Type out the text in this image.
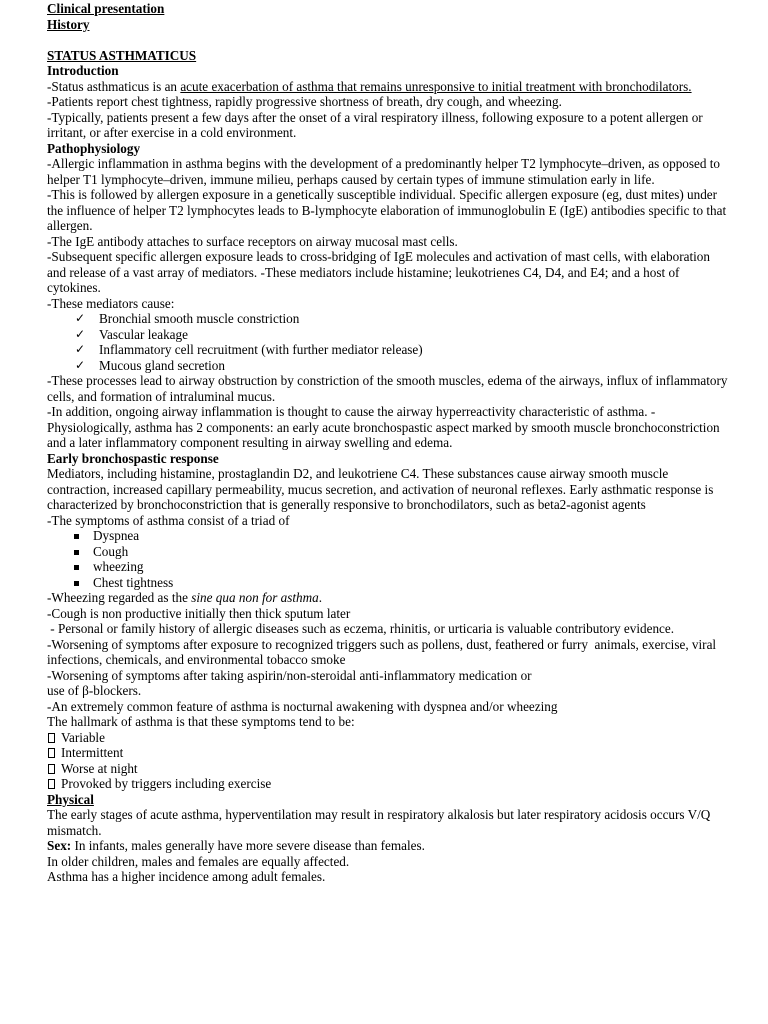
Clinical presentation

History

STATUS ASTHMATICUS

Introduction

-Status asthmaticus is an acute exacerbation of asthma that remains unresponsive to initial treatment with bronchodilators.

-Patients report chest tightness, rapidly progressive shortness of breath, dry cough, and wheezing.

-Typically, patients present a few days after the onset of a viral respiratory illness, following exposure to a potent allergen or irritant, or after exercise in a cold environment.

Pathophysiology

-Allergic inflammation in asthma begins with the development of a predominantly helper T2 lymphocyte–driven, as opposed to helper T1 lymphocyte–driven, immune milieu, perhaps caused by certain types of immune stimulation early in life.

-This is followed by allergen exposure in a genetically susceptible individual. Specific allergen exposure (eg, dust mites) under the influence of helper T2 lymphocytes leads to B-lymphocyte elaboration of immunoglobulin E (IgE) antibodies specific to that allergen.

-The IgE antibody attaches to surface receptors on airway mucosal mast cells.

-Subsequent specific allergen exposure leads to cross-bridging of IgE molecules and activation of mast cells, with elaboration and release of a vast array of mediators. -These mediators include histamine; leukotrienes C4, D4, and E4; and a host of cytokines.

-These mediators cause:

✓ Bronchial smooth muscle constriction
✓ Vascular leakage
✓ Inflammatory cell recruitment (with further mediator release)
✓ Mucous gland secretion

-These processes lead to airway obstruction by constriction of the smooth muscles, edema of the airways, influx of inflammatory cells, and formation of intraluminal mucus.

-In addition, ongoing airway inflammation is thought to cause the airway hyperreactivity characteristic of asthma. -Physiologically, asthma has 2 components: an early acute bronchospastic aspect marked by smooth muscle bronchoconstriction and a later inflammatory component resulting in airway swelling and edema.

Early bronchospastic response

Mediators, including histamine, prostaglandin D2, and leukotriene C4. These substances cause airway smooth muscle contraction, increased capillary permeability, mucus secretion, and activation of neuronal reflexes. Early asthmatic response is characterized by bronchoconstriction that is generally responsive to bronchodilators, such as beta2-agonist agents

-The symptoms of asthma consist of a triad of

Dyspnea
Cough
wheezing
Chest tightness

-Wheezing regarded as the sine qua non for asthma.

-Cough is non productive initially then thick sputum later

- Personal or family history of allergic diseases such as eczema, rhinitis, or urticaria is valuable contributory evidence.

-Worsening of symptoms after exposure to recognized triggers such as pollens, dust, feathered or furry  animals, exercise, viral infections, chemicals, and environmental tobacco smoke

-Worsening of symptoms after taking aspirin/non-steroidal anti-inflammatory medication or

use of β-blockers.

-An extremely common feature of asthma is nocturnal awakening with dyspnea and/or wheezing

The hallmark of asthma is that these symptoms tend to be:

Variable

Intermittent

Worse at night

Provoked by triggers including exercise

Physical

The early stages of acute asthma, hyperventilation may result in respiratory alkalosis but later respiratory acidosis occurs V/Q mismatch.

Sex: In infants, males generally have more severe disease than females.

In older children, males and females are equally affected.

Asthma has a higher incidence among adult females.
